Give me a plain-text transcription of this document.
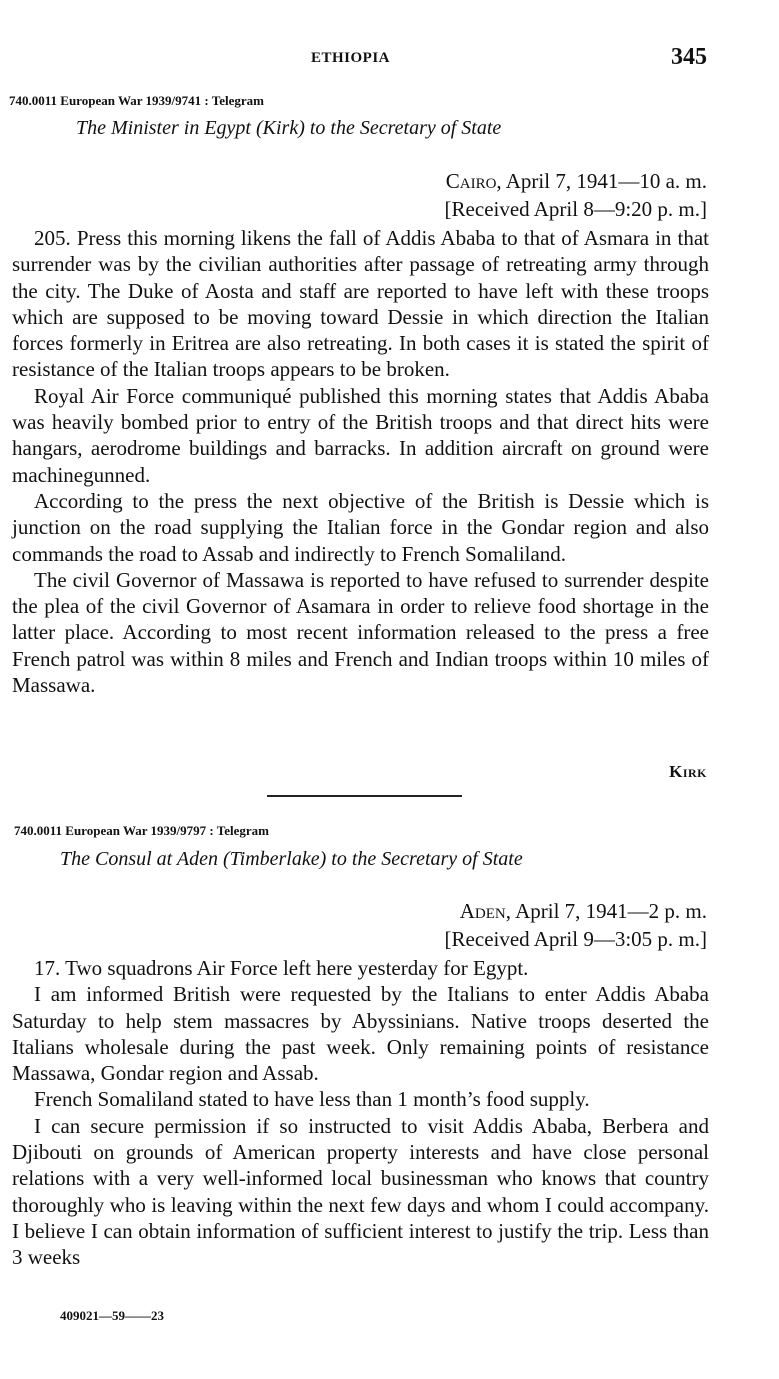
ETHIOPIA	345
740.0011 European War 1939/9741 : Telegram
The Minister in Egypt (Kirk) to the Secretary of State
Cairo, April 7, 1941—10 a. m.
[Received April 8—9:20 p. m.]

205. Press this morning likens the fall of Addis Ababa to that of Asmara in that surrender was by the civilian authorities after passage of retreating army through the city. The Duke of Aosta and staff are reported to have left with these troops which are supposed to be moving toward Dessie in which direction the Italian forces formerly in Eritrea are also retreating. In both cases it is stated the spirit of resistance of the Italian troops appears to be broken.

Royal Air Force communiqué published this morning states that Addis Ababa was heavily bombed prior to entry of the British troops and that direct hits were hangars, aerodrome buildings and barracks. In addition aircraft on ground were machinegunned.

According to the press the next objective of the British is Dessie which is junction on the road supplying the Italian force in the Gondar region and also commands the road to Assab and indirectly to French Somaliland.

The civil Governor of Massawa is reported to have refused to surrender despite the plea of the civil Governor of Asamara in order to relieve food shortage in the latter place. According to most recent information released to the press a free French patrol was within 8 miles and French and Indian troops within 10 miles of Massawa.

Kirk
740.0011 European War 1939/9797 : Telegram
The Consul at Aden (Timberlake) to the Secretary of State
Aden, April 7, 1941—2 p. m.
[Received April 9—3:05 p. m.]

17. Two squadrons Air Force left here yesterday for Egypt.

I am informed British were requested by the Italians to enter Addis Ababa Saturday to help stem massacres by Abyssinians. Native troops deserted the Italians wholesale during the past week. Only remaining points of resistance Massawa, Gondar region and Assab.

French Somaliland stated to have less than 1 month’s food supply.

I can secure permission if so instructed to visit Addis Ababa, Berbera and Djibouti on grounds of American property interests and have close personal relations with a very well-informed local businessman who knows that country thoroughly who is leaving within the next few days and whom I could accompany. I believe I can obtain information of sufficient interest to justify the trip. Less than 3 weeks

409021—59——23
